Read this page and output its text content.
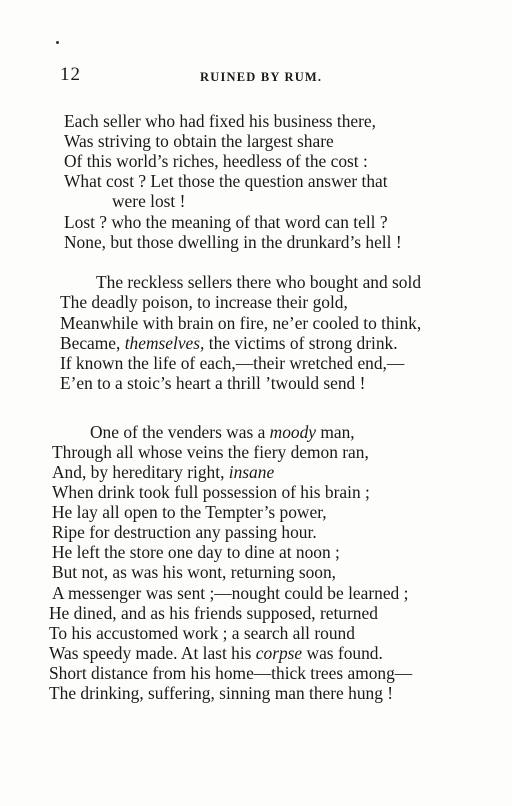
12	RUINED BY RUM.
Each seller who had fixed his business there,
Was striving to obtain the largest share
Of this world’s riches, heedless of the cost :
What cost ? Let those the question answer that
were lost !
Lost ? who the meaning of that word can tell ?
None, but those dwelling in the drunkard’s hell !
The reckless sellers there who bought and sold
The deadly poison, to increase their gold,
Meanwhile with brain on fire, ne’er cooled to think,
Became, themselves, the victims of strong drink.
If known the life of each,—their wretched end,—
E’en to a stoic’s heart a thrill ’twould send !
One of the venders was a moody man,
Through all whose veins the fiery demon ran,
And, by hereditary right, insane
When drink took full possession of his brain ;
He lay all open to the Tempter’s power,
Ripe for destruction any passing hour.
He left the store one day to dine at noon ;
But not, as was his wont, returning soon,
A messenger was sent ;—nought could be learned ;
He dined, and as his friends supposed, returned
To his accustomed work ; a search all round
Was speedy made. At last his corpse was found.
Short distance from his home—thick trees among—
The drinking, suffering, sinning man there hung !
